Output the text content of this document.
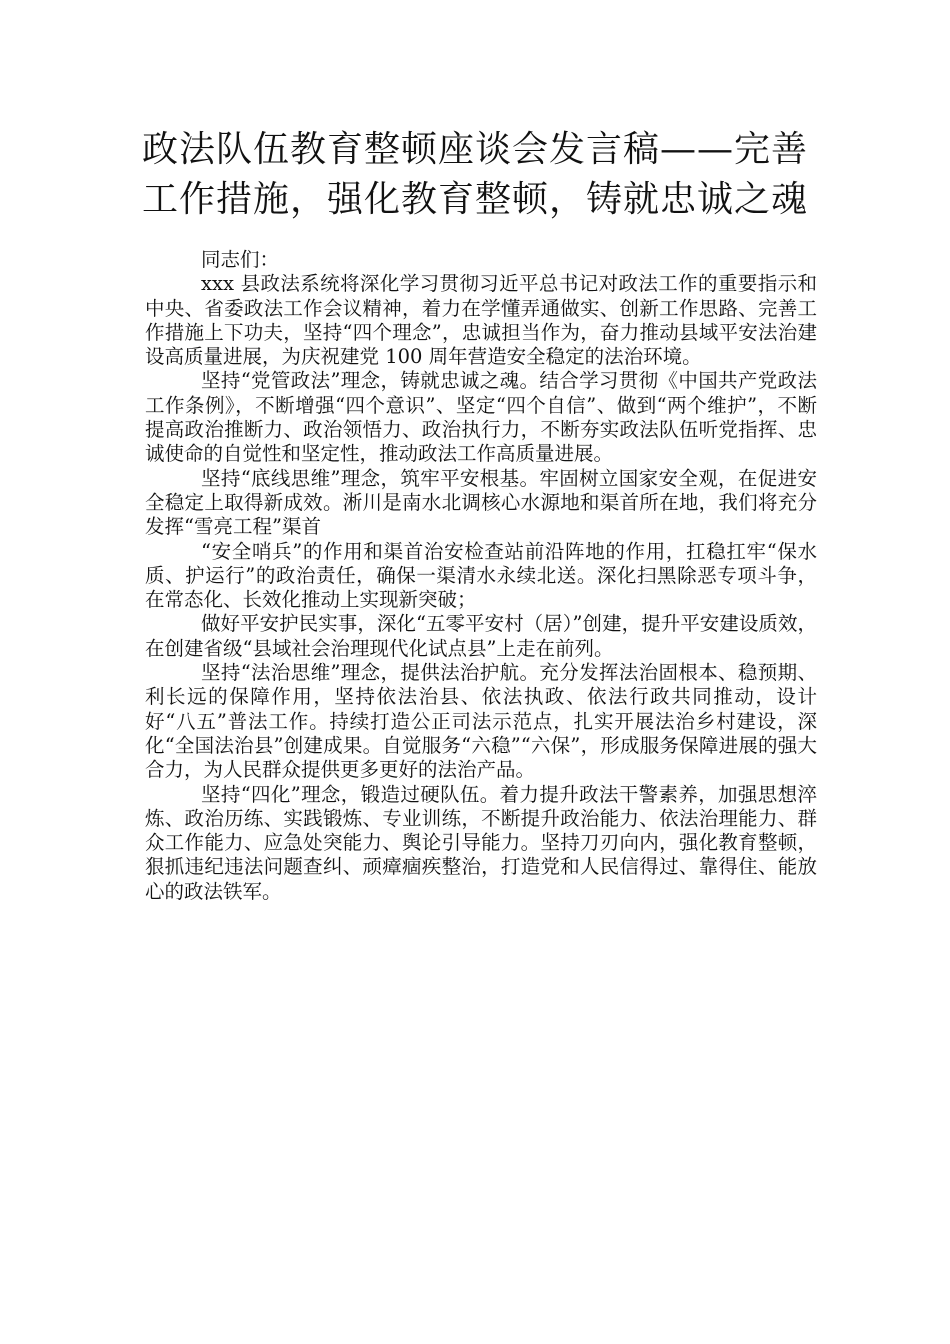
政法队伍教育整顿座谈会发言稿——完善
工作措施，强化教育整顿，铸就忠诚之魂

同志们：

xxx 县政法系统将深化学习贯彻习近平总书记对政法工作的重要指示和中央、省委政法工作会议精神，着力在学懂弄通做实、创新工作思路、完善工作措施上下功夫，坚持“四个理念”，忠诚担当作为，奋力推动县域平安法治建设高质量进展，为庆祝建党 100 周年营造安全稳定的法治环境。

坚持“党管政法”理念，铸就忠诚之魂。结合学习贯彻《中国共产党政法工作条例》，不断增强“四个意识”、坚定“四个自信”、做到“两个维护”，不断提高政治推断力、政治领悟力、政治执行力，不断夯实政法队伍听党指挥、忠诚使命的自觉性和坚定性，推动政法工作高质量进展。

坚持“底线思维”理念，筑牢平安根基。牢固树立国家安全观，在促进安全稳定上取得新成效。淅川是南水北调核心水源地和渠首所在地，我们将充分发挥“雪亮工程”渠首

“安全哨兵”的作用和渠首治安检查站前沿阵地的作用，扛稳扛牢“保水质、护运行”的政治责任，确保一渠清水永续北送。深化扫黑除恶专项斗争，在常态化、长效化推动上实现新突破；

做好平安护民实事，深化“五零平安村（居）”创建，提升平安建设质效，在创建省级“县域社会治理现代化试点县”上走在前列。

坚持“法治思维”理念，提供法治护航。充分发挥法治固根本、稳预期、利长远的保障作用，坚持依法治县、依法执政、依法行政共同推动，设计好“八五”普法工作。持续打造公正司法示范点，扎实开展法治乡村建设，深化“全国法治县”创建成果。自觉服务“六稳”“六保”，形成服务保障进展的强大合力，为人民群众提供更多更好的法治产品。

坚持“四化”理念，锻造过硬队伍。着力提升政法干警素养，加强思想淬炼、政治历练、实践锻炼、专业训练，不断提升政治能力、依法治理能力、群众工作能力、应急处突能力、舆论引导能力。坚持刀刃向内，强化教育整顿，狠抓违纪违法问题查纠、顽瘴痼疾整治，打造党和人民信得过、靠得住、能放心的政法铁军。
